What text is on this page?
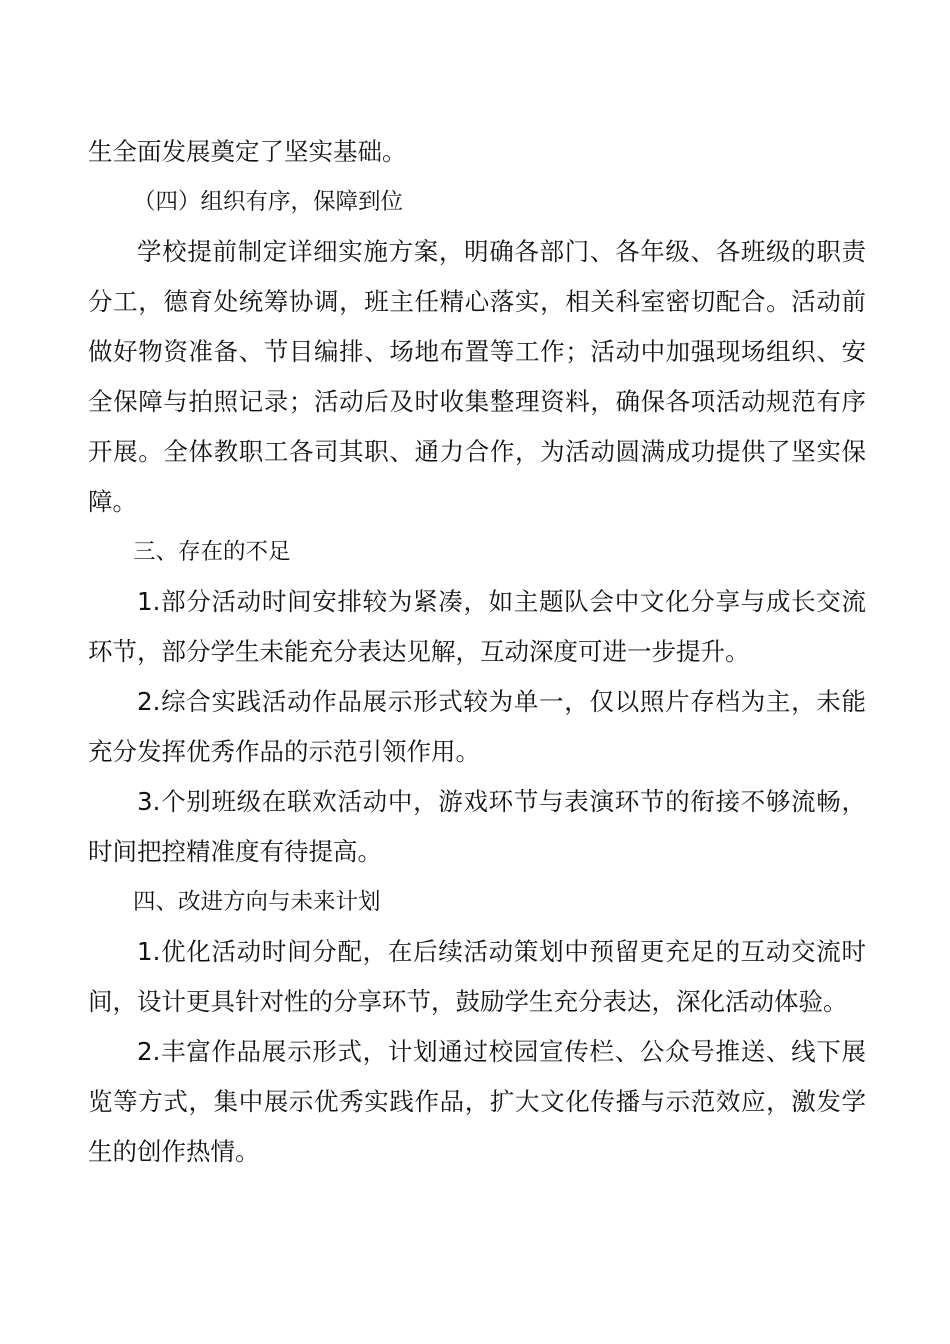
生全面发展奠定了坚实基础。

（四）组织有序，保障到位

学校提前制定详细实施方案，明确各部门、各年级、各班级的职责分工，德育处统筹协调，班主任精心落实，相关科室密切配合。活动前做好物资准备、节目编排、场地布置等工作；活动中加强现场组织、安全保障与拍照记录；活动后及时收集整理资料，确保各项活动规范有序开展。全体教职工各司其职、通力合作，为活动圆满成功提供了坚实保障。

三、存在的不足

1.部分活动时间安排较为紧凑，如主题队会中文化分享与成长交流环节，部分学生未能充分表达见解，互动深度可进一步提升。

2.综合实践活动作品展示形式较为单一，仅以照片存档为主，未能充分发挥优秀作品的示范引领作用。

3.个别班级在联欢活动中，游戏环节与表演环节的衔接不够流畅，时间把控精准度有待提高。

四、改进方向与未来计划

1.优化活动时间分配，在后续活动策划中预留更充足的互动交流时间，设计更具针对性的分享环节，鼓励学生充分表达，深化活动体验。

2.丰富作品展示形式，计划通过校园宣传栏、公众号推送、线下展览等方式，集中展示优秀实践作品，扩大文化传播与示范效应，激发学生的创作热情。
